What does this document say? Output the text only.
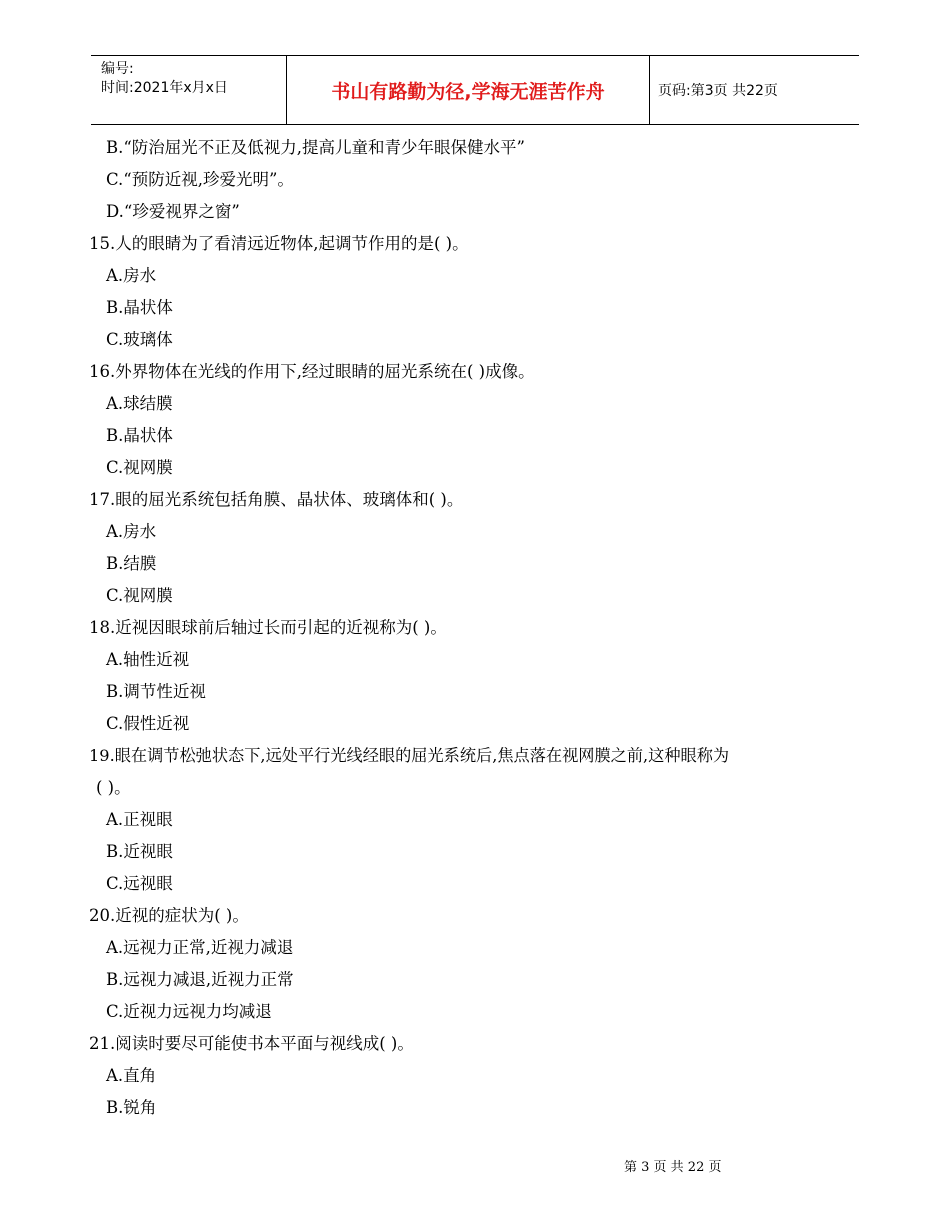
编号:
时间:2021年x月x日	书山有路勤为径,学海无涯苦作舟	页码:第3页 共22页
B.“防治屈光不正及低视力,提高儿童和青少年眼保健水平”
C.“预防近视,珍爱光明”。
D.“珍爱视界之窗”
15.人的眼睛为了看清远近物体,起调节作用的是( )。
A.房水
B.晶状体
C.玻璃体
16.外界物体在光线的作用下,经过眼睛的屈光系统在( )成像。
A.球结膜
B.晶状体
C.视网膜
17.眼的屈光系统包括角膜、晶状体、玻璃体和( )。
A.房水
B.结膜
C.视网膜
18.近视因眼球前后轴过长而引起的近视称为( )。
A.轴性近视
B.调节性近视
C.假性近视
19.眼在调节松弛状态下,远处平行光线经眼的屈光系统后,焦点落在视网膜之前,这种眼称为
( )。
A.正视眼
B.近视眼
C.远视眼
20.近视的症状为( )。
A.远视力正常,近视力减退
B.远视力减退,近视力正常
C.近视力远视力均减退
21.阅读时要尽可能使书本平面与视线成( )。
A.直角
B.锐角
第 3 页 共 22 页
